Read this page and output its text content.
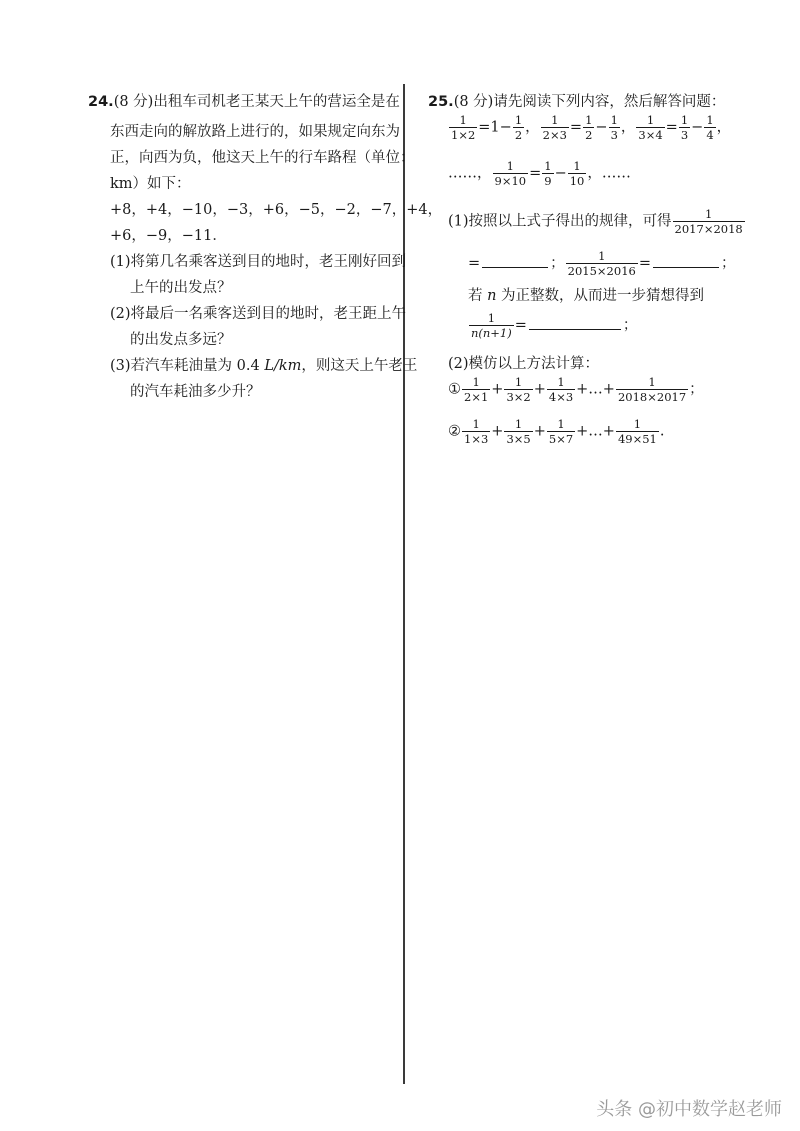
24.(8 分)出租车司机老王某天上午的营运全是在
东西走向的解放路上进行的，如果规定向东为
正，向西为负，他这天上午的行车路程（单位：
km）如下：
+8，+4，−10，−3，+6，−5，−2，−7，+4，
+6，−9，−11．
(1)将第几名乘客送到目的地时，老王刚好回到
上午的出发点？
(2)将最后一名乘客送到目的地时，老王距上午
的出发点多远？
(3)若汽车耗油量为 0.4 L/km，则这天上午老王
的汽车耗油多少升？
25.(8 分)请先阅读下列内容，然后解答问题：
$\frac{1}{1\times 2} =1- \frac{1}{2}$ ， $\frac{1}{2\times 3} = \frac{1}{2} - \frac{1}{3}$ ， $\frac{1}{3\times 4} = \frac{1}{3} - \frac{1}{4}$ ，
……， $\frac{1}{9\times 10} = \frac{1}{9} - \frac{1}{10}$ ，……
(1)按照以上式子得出的规律，可得 $\frac{1}{2017\times 2018}$
=	； $\frac{1}{2015\times 2016}$ =	；
若 n 为正整数，从而进一步猜想得到
$\frac{1}{n(n+1)}$ =	；
(2)模仿以上方法计算：
① $\frac{1}{2\times 1} + \frac{1}{3\times 2} + \frac{1}{4\times 3}$ +…+ $\frac{1}{2018\times 2017}$ ；
② $\frac{1}{1\times 3} + \frac{1}{3\times 5} + \frac{1}{5\times 7}$ +…+ $\frac{1}{49\times 51}$ .
头条 @初中数学赵老师
